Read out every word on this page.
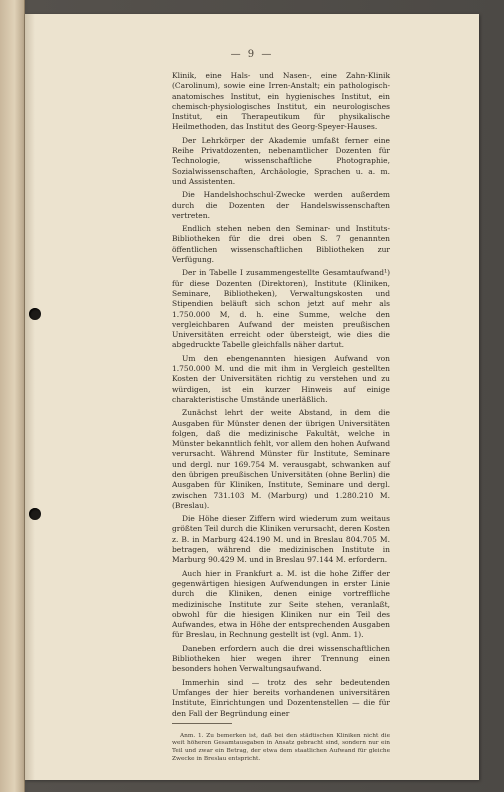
— 9 —

Klinik, eine Hals- und Nasen-, eine Zahn-Klinik (Carolinum), sowie eine Irren-Anstalt; ein pathologisch-anatomisches Institut, ein hygienisches Institut, ein chemisch-physiologisches Institut, ein neurologisches Institut, ein Therapeutikum für physikalische Heilmethoden, das Institut des Georg-Speyer-Hauses.

Der Lehrkörper der Akademie umfaßt ferner eine Reihe Privatdozenten, nebenamtlicher Dozenten für Technologie, wissenschaftliche Photographie, Sozialwissenschaften, Archäologie, Sprachen u. a. m. und Assistenten.

Die Handelshochschul-Zwecke werden außerdem durch die Dozenten der Handelswissenschaften vertreten.

Endlich stehen neben den Seminar- und Instituts-Bibliotheken für die drei oben S. 7 genannten öffentlichen wissenschaftlichen Bibliotheken zur Verfügung.

Der in Tabelle I zusammengestellte Gesamtaufwand¹) für diese Dozenten (Direktoren), Institute (Kliniken, Seminare, Bibliotheken), Verwaltungskosten und Stipendien beläuft sich schon jetzt auf mehr als 1.750.000 M, d. h. eine Summe, welche den vergleichbaren Aufwand der meisten preußischen Universitäten erreicht oder übersteigt, wie dies die abgedruckte Tabelle gleichfalls näher dartut.

Um den ebengenannten hiesigen Aufwand von 1.750.000 M. und die mit ihm in Vergleich gestellten Kosten der Universitäten richtig zu verstehen und zu würdigen, ist ein kurzer Hinweis auf einige charakteristische Umstände unerläßlich.

Zunächst lehrt der weite Abstand, in dem die Ausgaben für Münster denen der übrigen Universitäten folgen, daß die medizinische Fakultät, welche in Münster bekanntlich fehlt, vor allem den hohen Aufwand verursacht. Während Münster für Institute, Seminare und dergl. nur 169.754 M. verausgabt, schwanken auf den übrigen preußischen Universitäten (ohne Berlin) die Ausgaben für Kliniken, Institute, Seminare und dergl. zwischen 731.103 M. (Marburg) und 1.280.210 M. (Breslau).

Die Höhe dieser Ziffern wird wiederum zum weitaus größten Teil durch die Kliniken verursacht, deren Kosten z. B. in Marburg 424.190 M. und in Breslau 804.705 M. betragen, während die medizinischen Institute in Marburg 90.429 M. und in Breslau 97.144 M. erfordern.

Auch hier in Frankfurt a. M. ist die hohe Ziffer der gegenwärtigen hiesigen Aufwendungen in erster Linie durch die Kliniken, denen einige vortreffliche medizinische Institute zur Seite stehen, veranlaßt, obwohl für die hiesigen Kliniken nur ein Teil des Aufwandes, etwa in Höhe der entsprechenden Ausgaben für Breslau, in Rechnung gestellt ist (vgl. Anm. 1).

Daneben erfordern auch die drei wissenschaftlichen Bibliotheken hier wegen ihrer Trennung einen besonders hohen Verwaltungsaufwand.

Immerhin sind — trotz des sehr bedeutenden Umfanges der hier bereits vorhandenen universitären Institute, Einrichtungen und Dozentenstellen — die für den Fall der Begründung einer

Anm. 1. Zu bemerken ist, daß bei den städtischen Kliniken nicht die weit höheren Gesamtausgaben in Ansatz gebracht sind, sondern nur ein Teil und zwar ein Betrag, der etwa dem staatlichen Aufwand für gleiche Zwecke in Breslau entspricht.
